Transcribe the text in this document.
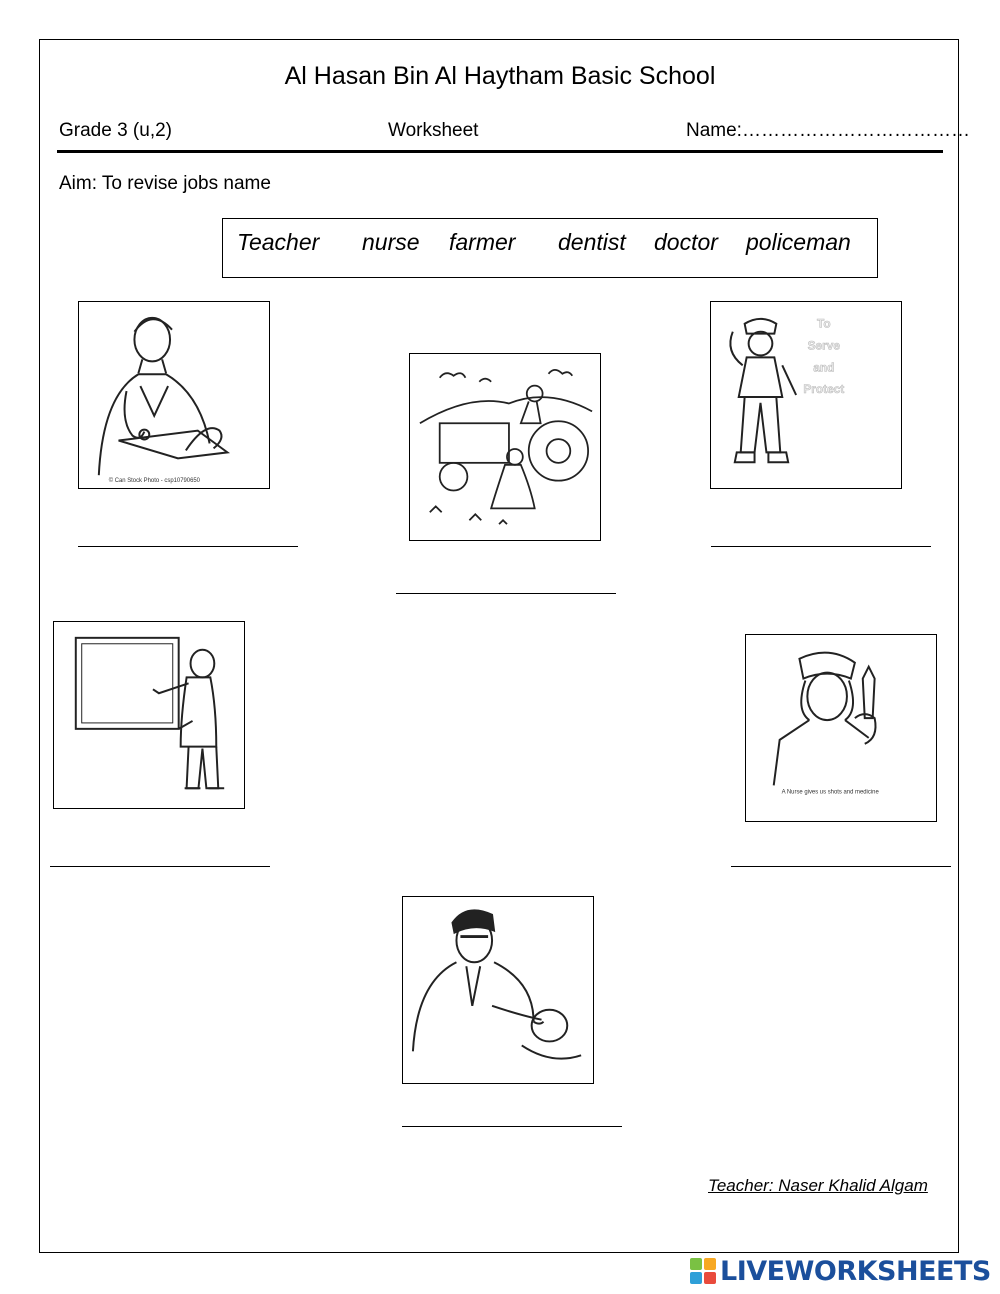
Al Hasan Bin Al Haytham Basic School
Grade 3 (u,2)	Worksheet	Name:………………………………
Aim: To revise jobs name
Teacher nurse farmer dentist doctor policeman
© Can Stock Photo - csp10790650
To
Serve
and
Protect
A Nurse gives us shots and medicine
Teacher: Naser Khalid Algam
LIVEWORKSHEETS
